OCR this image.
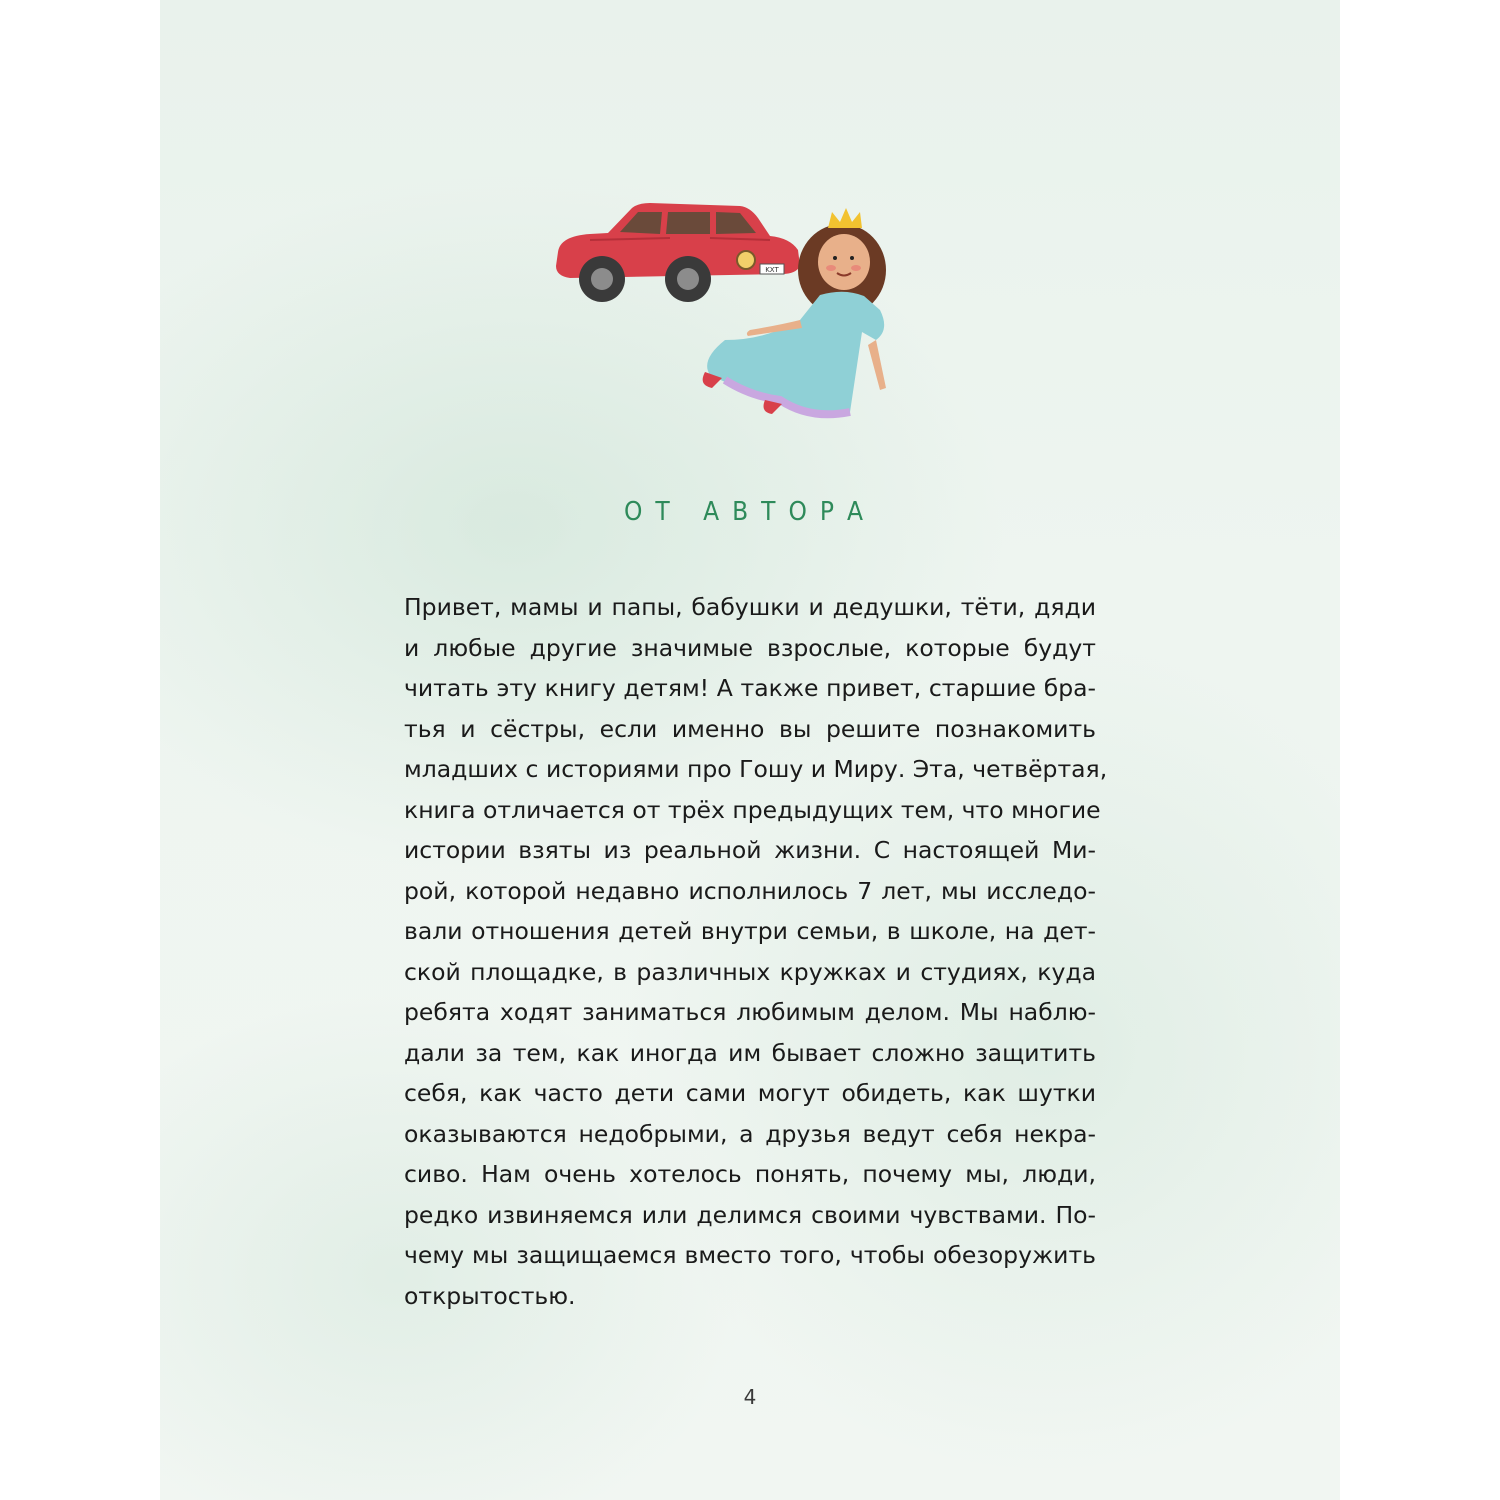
KXT
ОТ АВТОРА
Привет, мамы и папы, бабушки и дедушки, тёти, дяди
и любые другие значимые взрослые, которые будут
читать эту книгу детям! А также привет, старшие бра-
тья и сёстры, если именно вы решите познакомить
младших с историями про Гошу и Миру. Эта, четвёртая,
книга отличается от трёх предыдущих тем, что многие
истории взяты из реальной жизни. С настоящей Ми-
рой, которой недавно исполнилось 7 лет, мы исследо-
вали отношения детей внутри семьи, в школе, на дет-
ской площадке, в различных кружках и студиях, куда
ребята ходят заниматься любимым делом. Мы наблю-
дали за тем, как иногда им бывает сложно защитить
себя, как часто дети сами могут обидеть, как шутки
оказываются недобрыми, а друзья ведут себя некра-
сиво. Нам очень хотелось понять, почему мы, люди,
редко извиняемся или делимся своими чувствами. По-
чему мы защищаемся вместо того, чтобы обезоружить
открытостью.
4
